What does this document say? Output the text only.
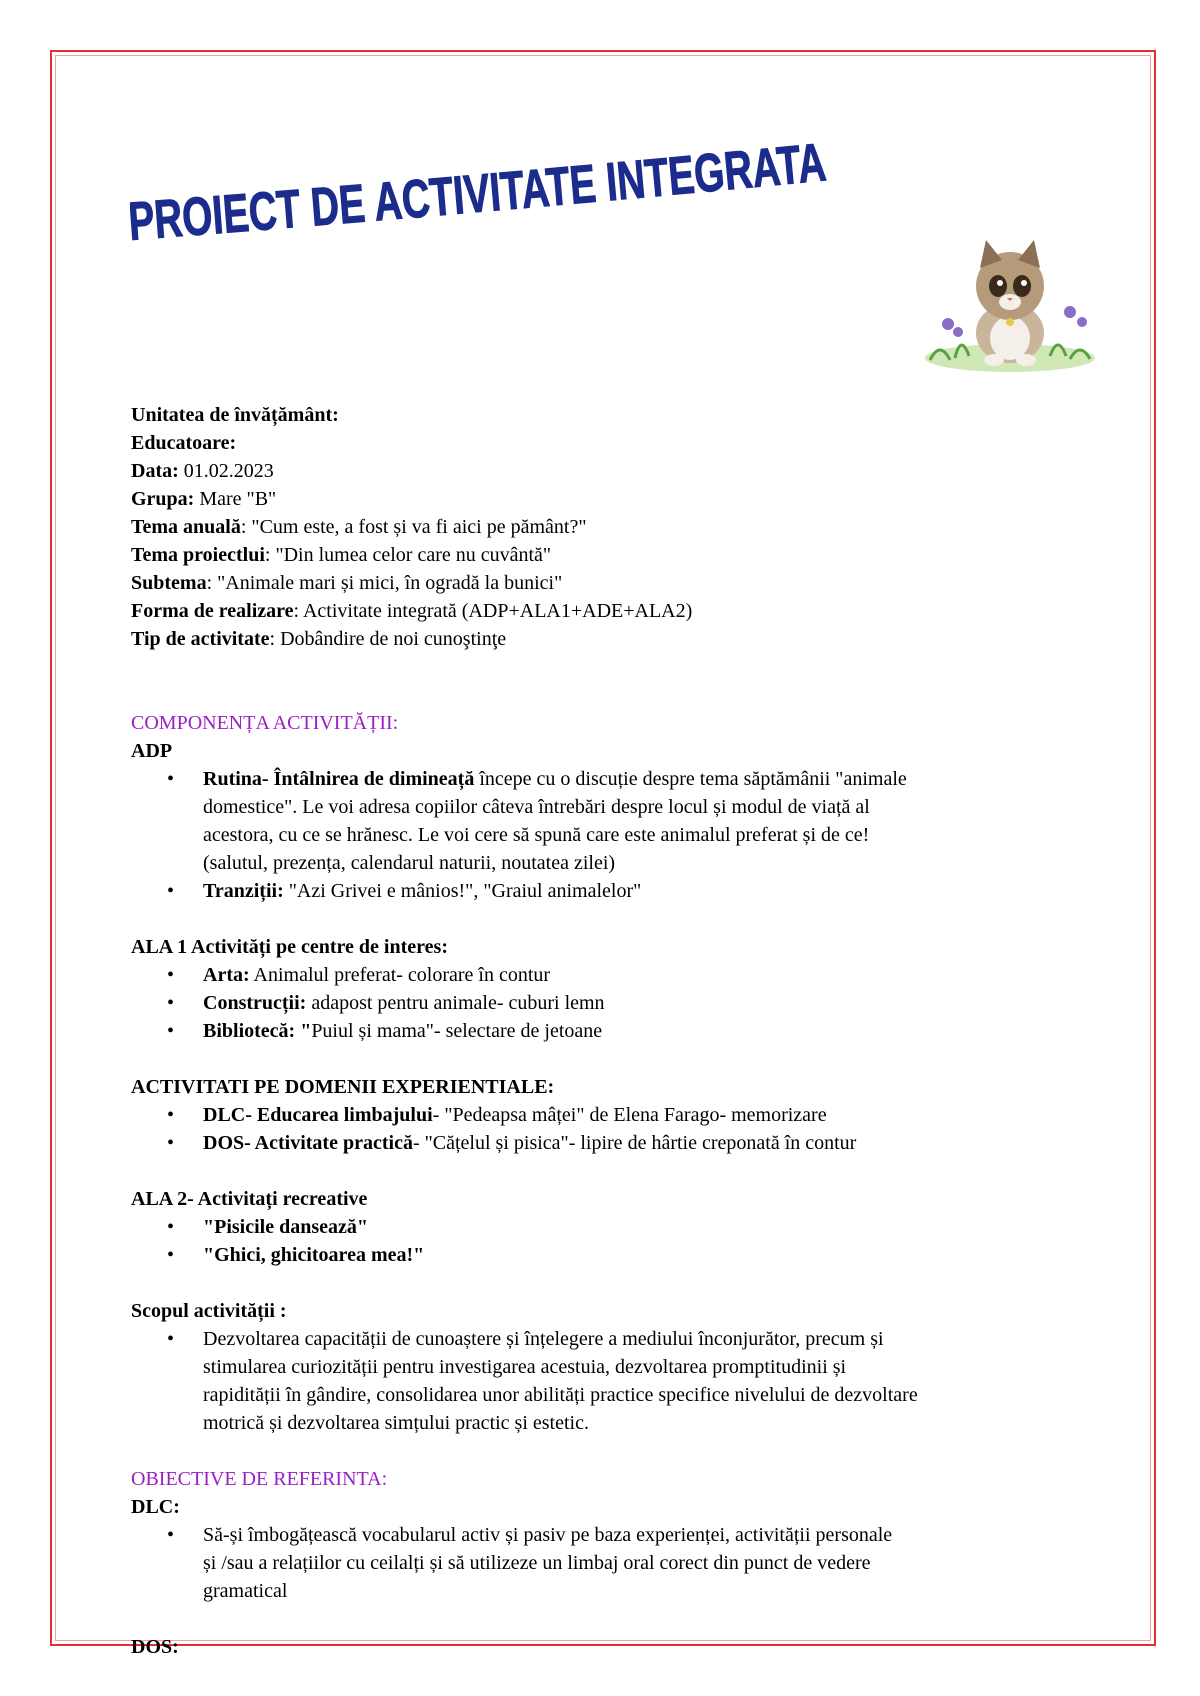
PROIECT DE ACTIVITATE INTEGRATA
Unitatea de învățământ:
Educatoare:
Data: 01.02.2023
Grupa: Mare "B"
Tema anuală: "Cum este, a fost și va fi aici pe pământ?"
Tema proiectlui: "Din lumea celor care nu cuvântă"
Subtema: "Animale mari și mici, în ogradă la bunici"
Forma de realizare: Activitate integrată (ADP+ALA1+ADE+ALA2)
Tip de activitate: Dobândire de noi cunoştinţe
COMPONENȚA ACTIVITĂȚII:
ADP
• Rutina- Întâlnirea de dimineață începe cu o discuție despre tema săptămânii "animale
domestice". Le voi adresa copiilor câteva întrebări despre locul și modul de viață al
acestora, cu ce se hrănesc. Le voi cere să spună care este animalul preferat și de ce!
(salutul, prezența, calendarul naturii, noutatea zilei)
• Tranziții: "Azi Grivei e mânios!", "Graiul animalelor"
ALA 1 Activități pe centre de interes:
• Arta: Animalul preferat- colorare în contur
• Construcții: adapost pentru animale- cuburi lemn
• Bibliotecă: "Puiul și mama"- selectare de jetoane
ACTIVITATI PE DOMENII EXPERIENTIALE:
• DLC- Educarea limbajului- "Pedeapsa mâței" de Elena Farago- memorizare
• DOS- Activitate practică- "Cățelul și pisica"- lipire de hârtie creponată în contur
ALA 2- Activitați recreative
• "Pisicile dansează"
• "Ghici, ghicitoarea mea!"
Scopul activității :
• Dezvoltarea capacității de cunoaștere și înțelegere a mediului înconjurător, precum și
stimularea curiozității pentru investigarea acestuia, dezvoltarea promptitudinii și
rapidității în gândire, consolidarea unor abilități practice specifice nivelului de dezvoltare
motrică și dezvoltarea simțului practic și estetic.
OBIECTIVE DE REFERINTA:
DLC:
• Să-și îmbogățească vocabularul activ și pasiv pe baza experienței, activității personale
și /sau a relațiilor cu ceilalți și să utilizeze un limbaj oral corect din punct de vedere
gramatical
DOS:
